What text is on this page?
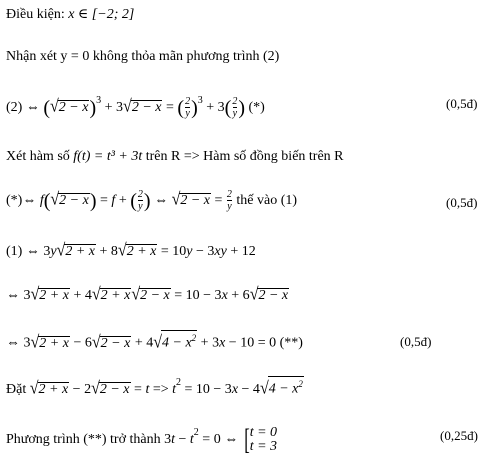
Điều kiện: x ∈ [−2; 2]
Nhận xét y = 0 không thỏa mãn phương trình (2)
(2) ⇔ $(√2 - x)^3 + 3√2 - x$ = ( $\frac{2}{y} )^3 + 3( \frac{2}{y}$ ) (*)	(0,5đ)
Xét hàm số f(t) = t³ + 3t trên R => Hàm số đồng biến trên R
(*)⇔ f(√2 − x) = f + ( $\frac{2}{y}$ ) ⇔ $√2 - x = \frac{2}{y}$ thế vào (1)	(0,5đ)
(1) ⇔ 3y√2 + x + 8√2 + x = 10y − 3xy + 12
⇔ 3√2 + x + 4√2 + x√2 − x = 10 − 3x + 6√2 − x
⇔ $3√2 + x - 6√2 - x + 4√4 - x^2 + 3x - 10 = 0$ (**)	(0,5đ)
Đặt $√2 + x - 2√2 - x = t => t^2 = 10 - 3x - 4√4 - x^2$
Phương trình (**) trở thành $3t - t^2 = 0$ ⇔ [ t = 0
t = 3
(0,25đ)
